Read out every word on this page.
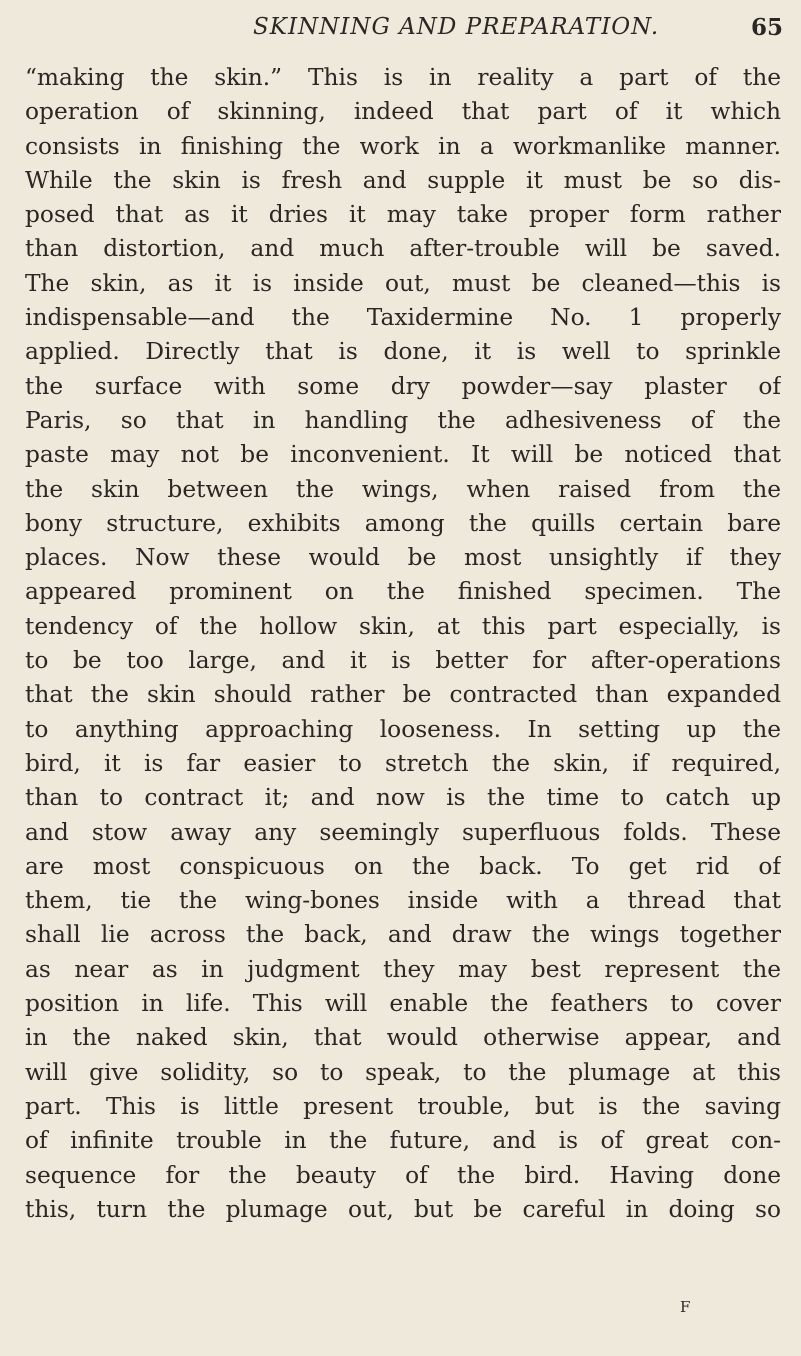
SKINNING AND PREPARATION.	65
“making the skin.” This is in reality a part of the
operation of skinning, indeed that part of it which
consists in finishing the work in a workmanlike manner.
While the skin is fresh and supple it must be so dis-
posed that as it dries it may take proper form rather
than distortion, and much after-trouble will be saved.
The skin, as it is inside out, must be cleaned—this is
indispensable—and the Taxidermine No. 1 properly
applied. Directly that is done, it is well to sprinkle
the surface with some dry powder—say plaster of
Paris, so that in handling the adhesiveness of the
paste may not be inconvenient. It will be noticed that
the skin between the wings, when raised from the
bony structure, exhibits among the quills certain bare
places. Now these would be most unsightly if they
appeared prominent on the finished specimen. The
tendency of the hollow skin, at this part especially, is
to be too large, and it is better for after-operations
that the skin should rather be contracted than expanded
to anything approaching looseness. In setting up the
bird, it is far easier to stretch the skin, if required,
than to contract it; and now is the time to catch up
and stow away any seemingly superfluous folds. These
are most conspicuous on the back. To get rid of
them, tie the wing-bones inside with a thread that
shall lie across the back, and draw the wings together
as near as in judgment they may best represent the
position in life. This will enable the feathers to cover
in the naked skin, that would otherwise appear, and
will give solidity, so to speak, to the plumage at this
part. This is little present trouble, but is the saving
of infinite trouble in the future, and is of great con-
sequence for the beauty of the bird. Having done
this, turn the plumage out, but be careful in doing so
F
